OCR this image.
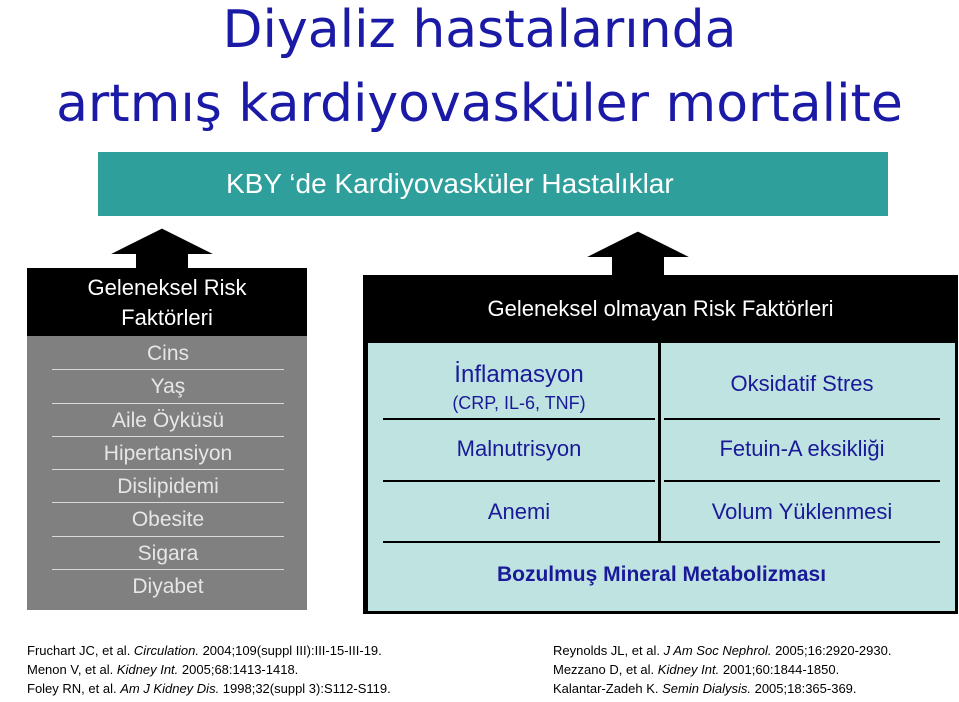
Diyaliz hastalarında
artmış kardiyovasküler mortalite
KBY ‘de Kardiyovasküler Hastalıklar
Geleneksel Risk
Faktörleri
Cins
Yaş
Aile Öyküsü
Hipertansiyon
Dislipidemi
Obesite
Sigara
Diyabet
Geleneksel olmayan Risk Faktörleri
İnflamasyon
(CRP, IL-6, TNF)
Malnutrisyon
Anemi
Oksidatif Stres
Fetuin-A eksikliği
Volum Yüklenmesi
Bozulmuş Mineral Metabolizması
Fruchart JC, et al. Circulation. 2004;109(suppl III):III-15-III-19.
Menon V, et al. Kidney Int. 2005;68:1413-1418.
Foley RN, et al. Am J Kidney Dis. 1998;32(suppl 3):S112-S119.
Reynolds JL, et al. J Am Soc Nephrol. 2005;16:2920-2930.
Mezzano D, et al. Kidney Int. 2001;60:1844-1850.
Kalantar-Zadeh K. Semin Dialysis. 2005;18:365-369.
